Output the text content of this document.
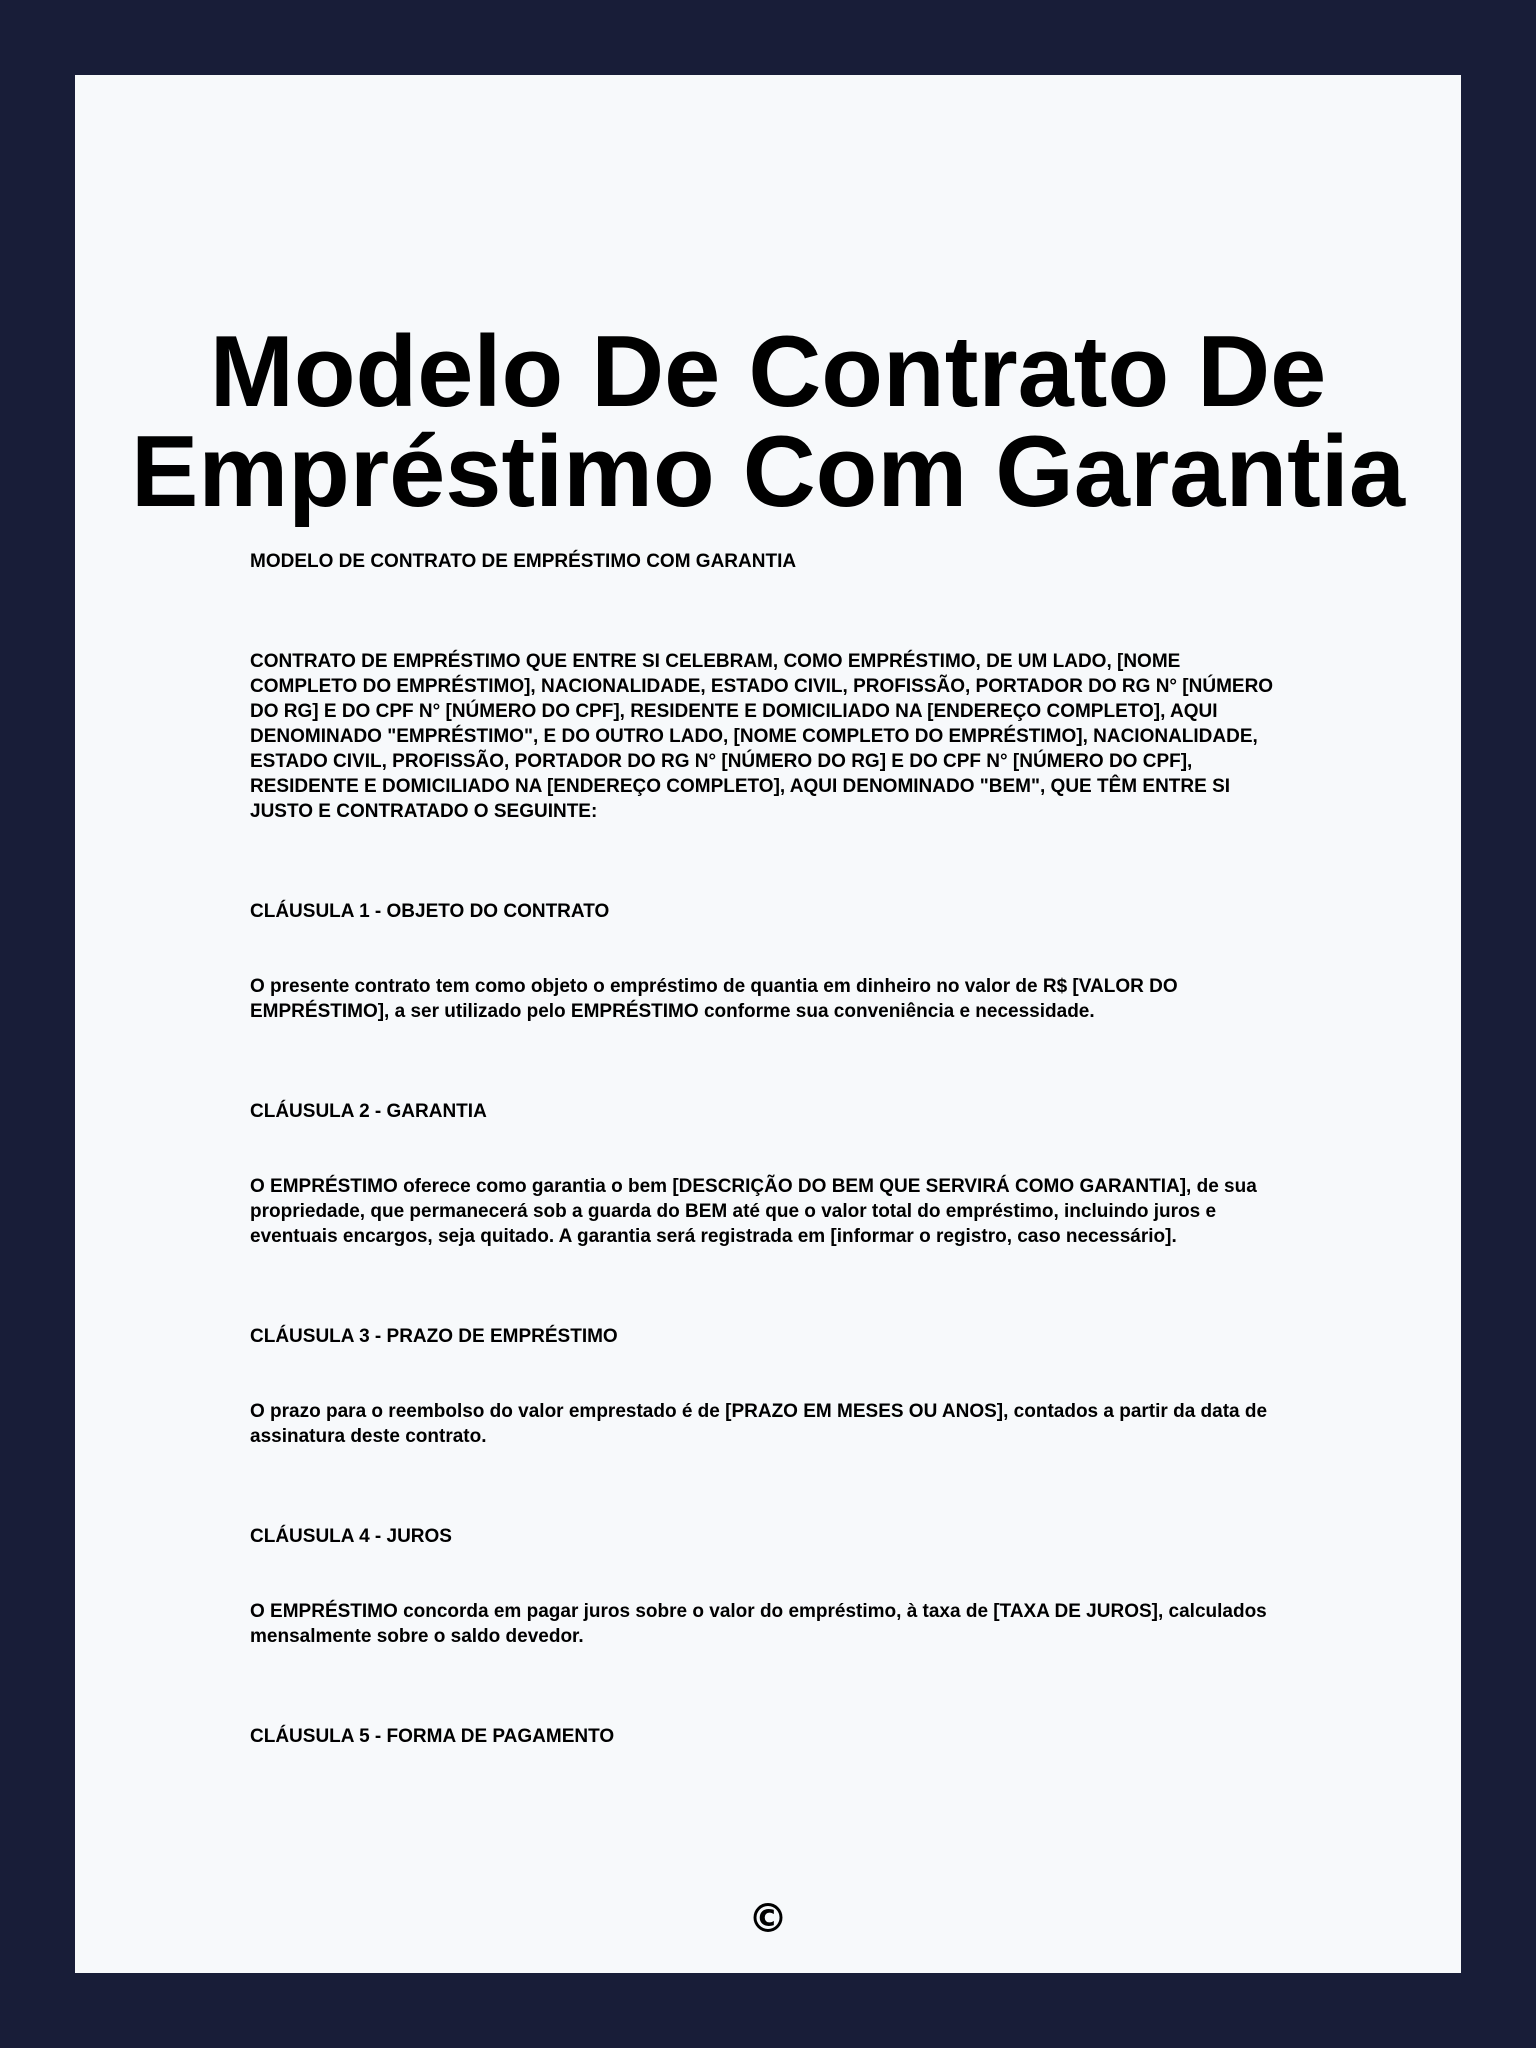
Modelo De Contrato De Empréstimo Com Garantia

MODELO DE CONTRATO DE EMPRÉSTIMO COM GARANTIA

CONTRATO DE EMPRÉSTIMO QUE ENTRE SI CELEBRAM, COMO EMPRÉSTIMO, DE UM LADO, [NOME COMPLETO DO EMPRÉSTIMO], NACIONALIDADE, ESTADO CIVIL, PROFISSÃO, PORTADOR DO RG N° [NÚMERO DO RG] E DO CPF N° [NÚMERO DO CPF], RESIDENTE E DOMICILIADO NA [ENDEREÇO COMPLETO], AQUI DENOMINADO "EMPRÉSTIMO", E DO OUTRO LADO, [NOME COMPLETO DO EMPRÉSTIMO], NACIONALIDADE, ESTADO CIVIL, PROFISSÃO, PORTADOR DO RG N° [NÚMERO DO RG] E DO CPF N° [NÚMERO DO CPF], RESIDENTE E DOMICILIADO NA [ENDEREÇO COMPLETO], AQUI DENOMINADO "BEM", QUE TÊM ENTRE SI JUSTO E CONTRATADO O SEGUINTE:

CLÁUSULA 1 - OBJETO DO CONTRATO

O presente contrato tem como objeto o empréstimo de quantia em dinheiro no valor de R$ [VALOR DO EMPRÉSTIMO], a ser utilizado pelo EMPRÉSTIMO conforme sua conveniência e necessidade.

CLÁUSULA 2 - GARANTIA

O EMPRÉSTIMO oferece como garantia o bem [DESCRIÇÃO DO BEM QUE SERVIRÁ COMO GARANTIA], de sua propriedade, que permanecerá sob a guarda do BEM até que o valor total do empréstimo, incluindo juros e eventuais encargos, seja quitado. A garantia será registrada em [informar o registro, caso necessário].

CLÁUSULA 3 - PRAZO DE EMPRÉSTIMO

O prazo para o reembolso do valor emprestado é de [PRAZO EM MESES OU ANOS], contados a partir da data de assinatura deste contrato.

CLÁUSULA 4 - JUROS

O EMPRÉSTIMO concorda em pagar juros sobre o valor do empréstimo, à taxa de [TAXA DE JUROS], calculados mensalmente sobre o saldo devedor.

CLÁUSULA 5 - FORMA DE PAGAMENTO

©
